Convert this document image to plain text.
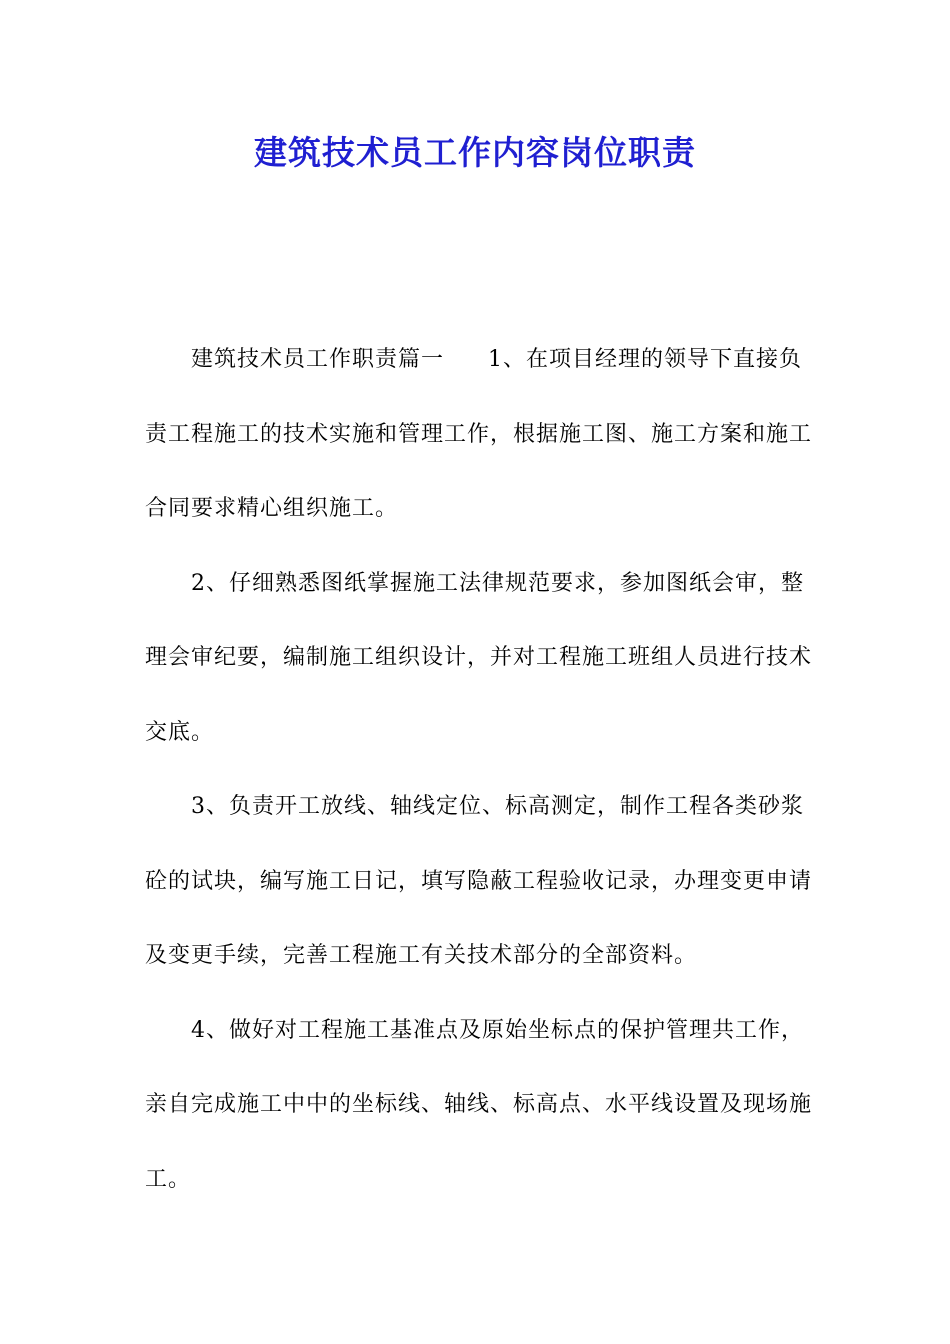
建筑技术员工作内容岗位职责

建筑技术员工作职责篇一 1、在项目经理的领导下直接负责工程施工的技术实施和管理工作，根据施工图、施工方案和施工合同要求精心组织施工。

2、仔细熟悉图纸掌握施工法律规范要求，参加图纸会审，整理会审纪要，编制施工组织设计，并对工程施工班组人员进行技术交底。

3、负责开工放线、轴线定位、标高测定，制作工程各类砂浆砼的试块，编写施工日记，填写隐蔽工程验收记录，办理变更申请及变更手续，完善工程施工有关技术部分的全部资料。

4、做好对工程施工基准点及原始坐标点的保护管理共工作，亲自完成施工中中的坐标线、轴线、标高点、水平线设置及现场施工。
